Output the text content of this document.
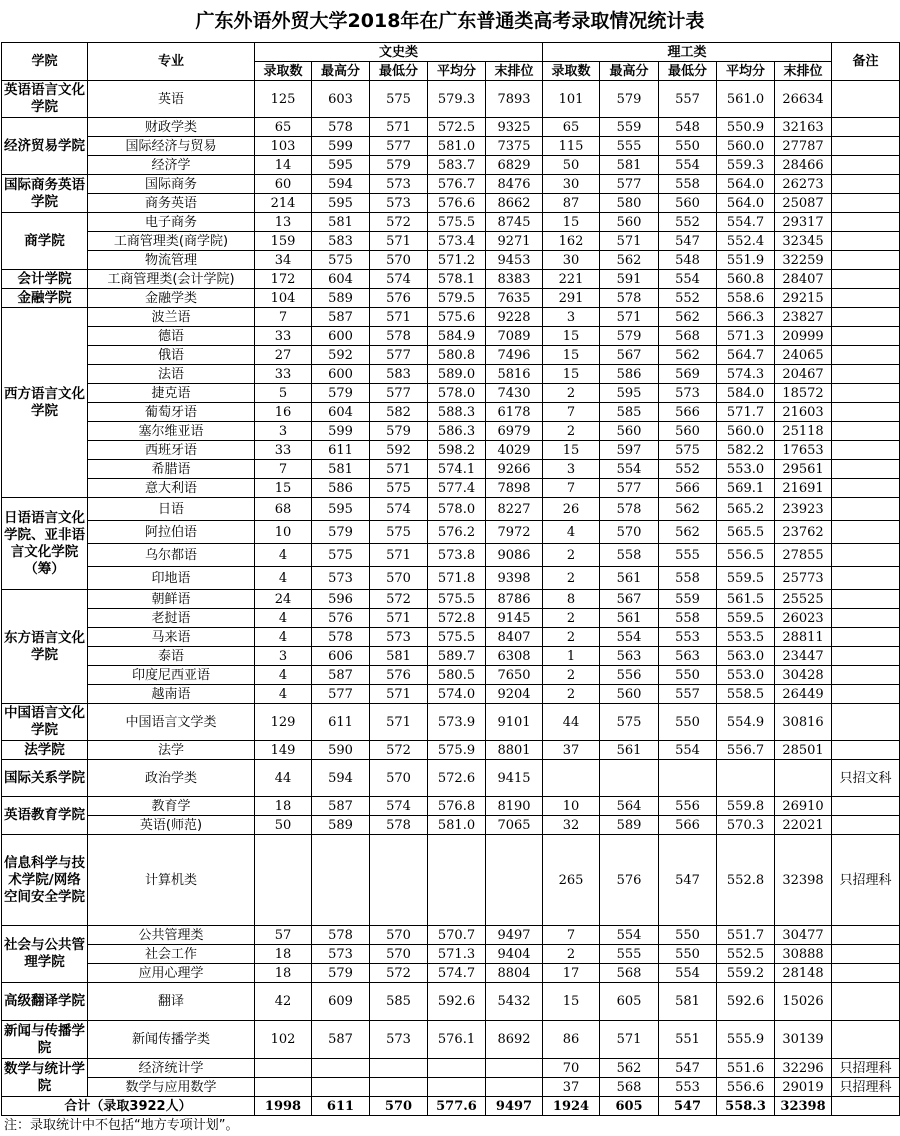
广东外语外贸大学2018年在广东普通类高考录取情况统计表
学院	专业	文史类					理工类					备注
		录取数	最高分	最低分	平均分	末排位	录取数	最高分	最低分	平均分	末排位	
英语语言文化学院	英语	125	603	575	579.3	7893	101	579	557	561.0	26634	
经济贸易学院	财政学类	65	578	571	572.5	9325	65	559	548	550.9	32163	
	国际经济与贸易	103	599	577	581.0	7375	115	555	550	560.0	27787	
	经济学	14	595	579	583.7	6829	50	581	554	559.3	28466	
国际商务英语学院	国际商务	60	594	573	576.7	8476	30	577	558	564.0	26273	
	商务英语	214	595	573	576.6	8662	87	580	560	564.0	25087	
商学院	电子商务	13	581	572	575.5	8745	15	560	552	554.7	29317	
	工商管理类(商学院)	159	583	571	573.4	9271	162	571	547	552.4	32345	
	物流管理	34	575	570	571.2	9453	30	562	548	551.9	32259	
会计学院	工商管理类(会计学院)	172	604	574	578.1	8383	221	591	554	560.8	28407	
金融学院	金融学类	104	589	576	579.5	7635	291	578	552	558.6	29215	
西方语言文化学院	波兰语	7	587	571	575.6	9228	3	571	562	566.3	23827	
	德语	33	600	578	584.9	7089	15	579	568	571.3	20999	
	俄语	27	592	577	580.8	7496	15	567	562	564.7	24065	
	法语	33	600	583	589.0	5816	15	586	569	574.3	20467	
	捷克语	5	579	577	578.0	7430	2	595	573	584.0	18572	
	葡萄牙语	16	604	582	588.3	6178	7	585	566	571.7	21603	
	塞尔维亚语	3	599	579	586.3	6979	2	560	560	560.0	25118	
	西班牙语	33	611	592	598.2	4029	15	597	575	582.2	17653	
	希腊语	7	581	571	574.1	9266	3	554	552	553.0	29561	
	意大利语	15	586	575	577.4	7898	7	577	566	569.1	21691	
日语语言文化学院、亚非语言文化学院（筹）	日语	68	595	574	578.0	8227	26	578	562	565.2	23923	
	阿拉伯语	10	579	575	576.2	7972	4	570	562	565.5	23762	
	乌尔都语	4	575	571	573.8	9086	2	558	555	556.5	27855	
	印地语	4	573	570	571.8	9398	2	561	558	559.5	25773	
东方语言文化学院	朝鲜语	24	596	572	575.5	8786	8	567	559	561.5	25525	
	老挝语	4	576	571	572.8	9145	2	561	558	559.5	26023	
	马来语	4	578	573	575.5	8407	2	554	553	553.5	28811	
	泰语	3	606	581	589.7	6308	1	563	563	563.0	23447	
	印度尼西亚语	4	587	576	580.5	7650	2	556	550	553.0	30428	
	越南语	4	577	571	574.0	9204	2	560	557	558.5	26449	
中国语言文化学院	中国语言文学类	129	611	571	573.9	9101	44	575	550	554.9	30816	
法学院	法学	149	590	572	575.9	8801	37	561	554	556.7	28501	
国际关系学院	政治学类	44	594	570	572.6	9415						只招文科
英语教育学院	教育学	18	587	574	576.8	8190	10	564	556	559.8	26910	
	英语(师范)	50	589	578	581.0	7065	32	589	566	570.3	22021	
信息科学与技术学院/网络空间安全学院	计算机类						265	576	547	552.8	32398	只招理科
社会与公共管理学院	公共管理类	57	578	570	570.7	9497	7	554	550	551.7	30477	
	社会工作	18	573	570	571.3	9404	2	555	550	552.5	30888	
	应用心理学	18	579	572	574.7	8804	17	568	554	559.2	28148	
高级翻译学院	翻译	42	609	585	592.6	5432	15	605	581	592.6	15026	
新闻与传播学院	新闻传播学类	102	587	573	576.1	8692	86	571	551	555.9	30139	
数学与统计学院	经济统计学						70	562	547	551.6	32296	只招理科
	数学与应用数学						37	568	553	556.6	29019	只招理科
合计（录取3922人）		1998	611	570	577.6	9497	1924	605	547	558.3	32398	
注：录取统计中不包括“地方专项计划”。
